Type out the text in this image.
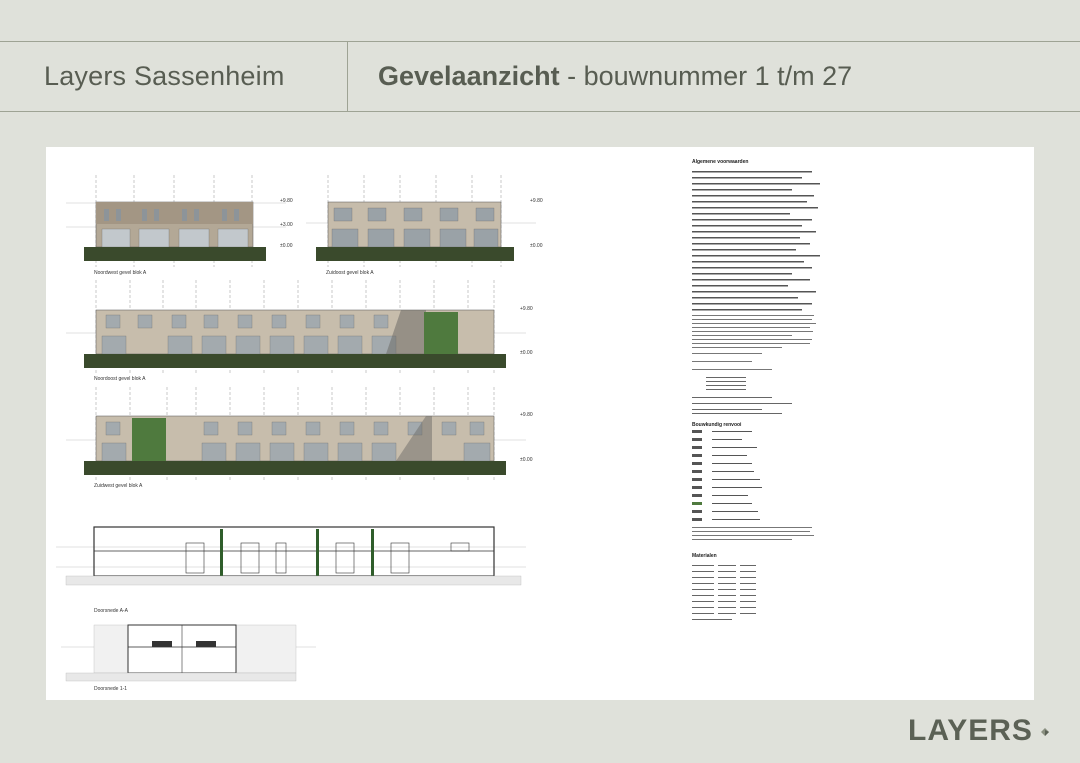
Layers Sassenheim	Gevelaanzicht - bouwnummer 1 t/m 27
Noordwest gevel blok A
+9.80
+3.00
±0.00
Zuidoost gevel blok A
+9.80
±0.00
Noordoost gevel blok A
+9.80
±0.00
Zuidwest gevel blok A
+9.80
±0.00
Doorsnede A-A
Doorsnede 1-1
Algemene voorwaarden
Bouwkundig renvooi
Materialen
LAYERS
